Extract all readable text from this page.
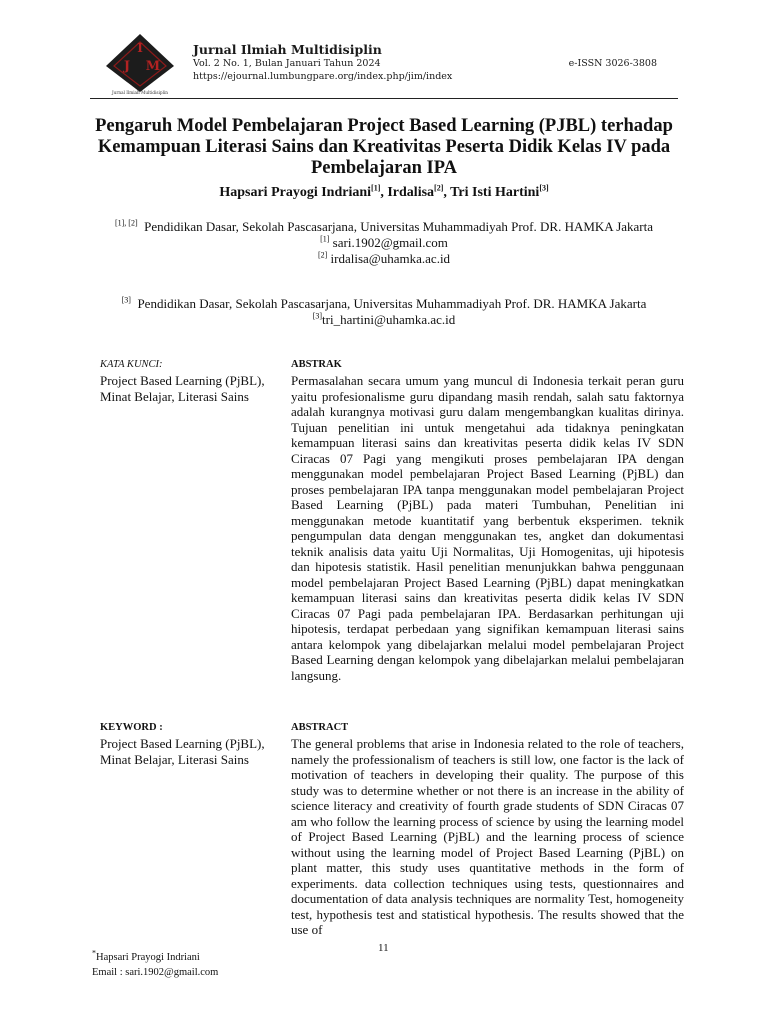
I
J M
Jurnal Ilmiah Multidisiplin
Jurnal Ilmiah Multidisiplin
Vol. 2 No. 1, Bulan Januari Tahun 2024
https://ejournal.lumbungpare.org/index.php/jim/index
e-ISSN 3026-3808
Pengaruh Model Pembelajaran Project Based Learning (PJBL) terhadap Kemampuan Literasi Sains dan Kreativitas Peserta Didik Kelas IV pada Pembelajaran IPA
Hapsari Prayogi Indriani[1], Irdalisa[2], Tri Isti Hartini[3]
[1], [2] Pendidikan Dasar, Sekolah Pascasarjana, Universitas Muhammadiyah Prof. DR. HAMKA Jakarta
[1] sari.1902@gmail.com
[2] irdalisa@uhamka.ac.id
[3] Pendidikan Dasar, Sekolah Pascasarjana, Universitas Muhammadiyah Prof. DR. HAMKA Jakarta
[3]tri_hartini@uhamka.ac.id
KATA KUNCI:
Project Based Learning (PjBL), Minat Belajar, Literasi Sains
ABSTRAK
Permasalahan secara umum yang muncul di Indonesia terkait peran guru yaitu profesionalisme guru dipandang masih rendah, salah satu faktornya adalah kurangnya motivasi guru dalam mengembangkan kualitas dirinya. Tujuan penelitian ini untuk mengetahui ada tidaknya peningkatan kemampuan literasi sains dan kreativitas peserta didik kelas IV SDN Ciracas 07 Pagi yang mengikuti proses pembelajaran IPA dengan menggunakan model pembelajaran Project Based Learning (PjBL) dan proses pembelajaran IPA tanpa menggunakan model pembelajaran Project Based Learning (PjBL) pada materi Tumbuhan, Penelitian ini menggunakan metode kuantitatif yang berbentuk eksperimen. teknik pengumpulan data dengan menggunakan tes, angket dan dokumentasi teknik analisis data yaitu Uji Normalitas, Uji Homogenitas, uji hipotesis dan hipotesis statistik. Hasil penelitian menunjukkan bahwa penggunaan model pembelajaran Project Based Learning (PjBL) dapat meningkatkan kemampuan literasi sains dan kreativitas peserta didik kelas IV SDN Ciracas 07 Pagi pada pembelajaran IPA. Berdasarkan perhitungan uji hipotesis, terdapat perbedaan yang signifikan kemampuan literasi sains antara kelompok yang dibelajarkan melalui model pembelajaran Project Based Learning dengan kelompok yang dibelajarkan melalui pembelajaran langsung.
KEYWORD :
Project Based Learning (PjBL), Minat Belajar, Literasi Sains
ABSTRACT
The general problems that arise in Indonesia related to the role of teachers, namely the professionalism of teachers is still low, one factor is the lack of motivation of teachers in developing their quality. The purpose of this study was to determine whether or not there is an increase in the ability of science literacy and creativity of fourth grade students of SDN Ciracas 07 am who follow the learning process of science by using the learning model of Project Based Learning (PjBL) and the learning process of science without using the learning model of Project Based Learning (PjBL) on plant matter, this study uses quantitative methods in the form of experiments. data collection techniques using tests, questionnaires and documentation of data analysis techniques are normality Test, homogeneity test, hypothesis test and statistical hypothesis. The results showed that the use of
11
*Hapsari Prayogi Indriani
Email : sari.1902@gmail.com
